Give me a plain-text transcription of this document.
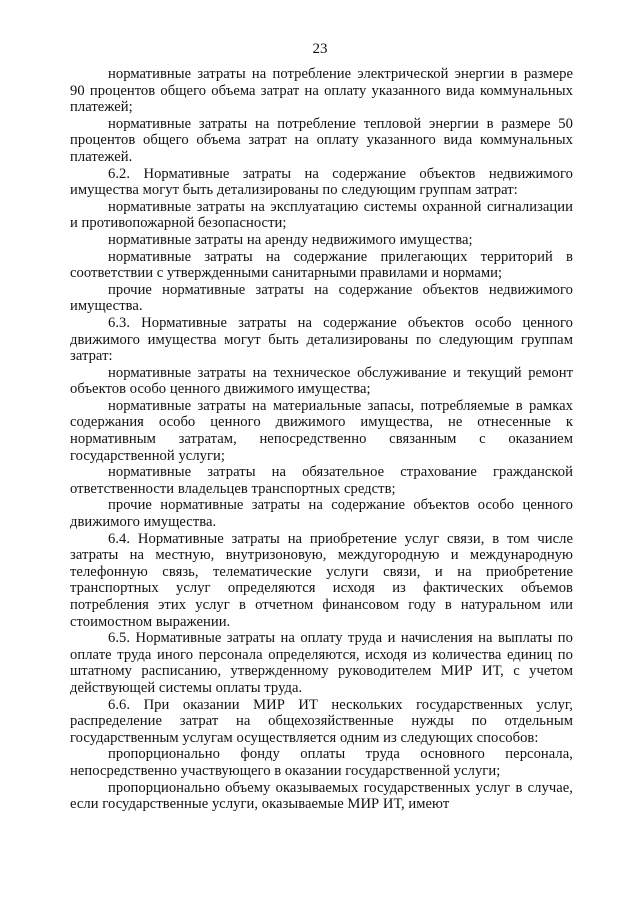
23

нормативные затраты на потребление электрической энергии в размере 90 процентов общего объема затрат на оплату указанного вида коммунальных платежей;

нормативные затраты на потребление тепловой энергии в размере 50 процентов общего объема затрат на оплату указанного вида коммунальных платежей.

6.2. Нормативные затраты на содержание объектов недвижимого имущества могут быть детализированы по следующим группам затрат:

нормативные затраты на эксплуатацию системы охранной сигнализации и противопожарной безопасности;

нормативные затраты на аренду недвижимого имущества;

нормативные затраты на содержание прилегающих территорий в соответствии с утвержденными санитарными правилами и нормами;

прочие нормативные затраты на содержание объектов недвижимого имущества.

6.3. Нормативные затраты на содержание объектов особо ценного движимого имущества могут быть детализированы по следующим группам затрат:

нормативные затраты на техническое обслуживание и текущий ремонт объектов особо ценного движимого имущества;

нормативные затраты на материальные запасы, потребляемые в рамках содержания особо ценного движимого имущества, не отнесенные к нормативным затратам, непосредственно связанным с оказанием государственной услуги;

нормативные затраты на обязательное страхование гражданской ответственности владельцев транспортных средств;

прочие нормативные затраты на содержание объектов особо ценного движимого имущества.

6.4. Нормативные затраты на приобретение услуг связи, в том числе затраты на местную, внутризоновую, междугородную и международную телефонную связь, телематические услуги связи, и на приобретение транспортных услуг определяются исходя из фактических объемов потребления этих услуг в отчетном финансовом году в натуральном или стоимостном выражении.

6.5. Нормативные затраты на оплату труда и начисления на выплаты по оплате труда иного персонала определяются, исходя из количества единиц по штатному расписанию, утвержденному руководителем МИР ИТ, с учетом действующей системы оплаты труда.

6.6. При оказании МИР ИТ нескольких государственных услуг, распределение затрат на общехозяйственные нужды по отдельным государственным услугам осуществляется одним из следующих способов:

пропорционально фонду оплаты труда основного персонала, непосредственно участвующего в оказании государственной услуги;

пропорционально объему оказываемых государственных услуг в случае, если государственные услуги, оказываемые МИР ИТ, имеют
